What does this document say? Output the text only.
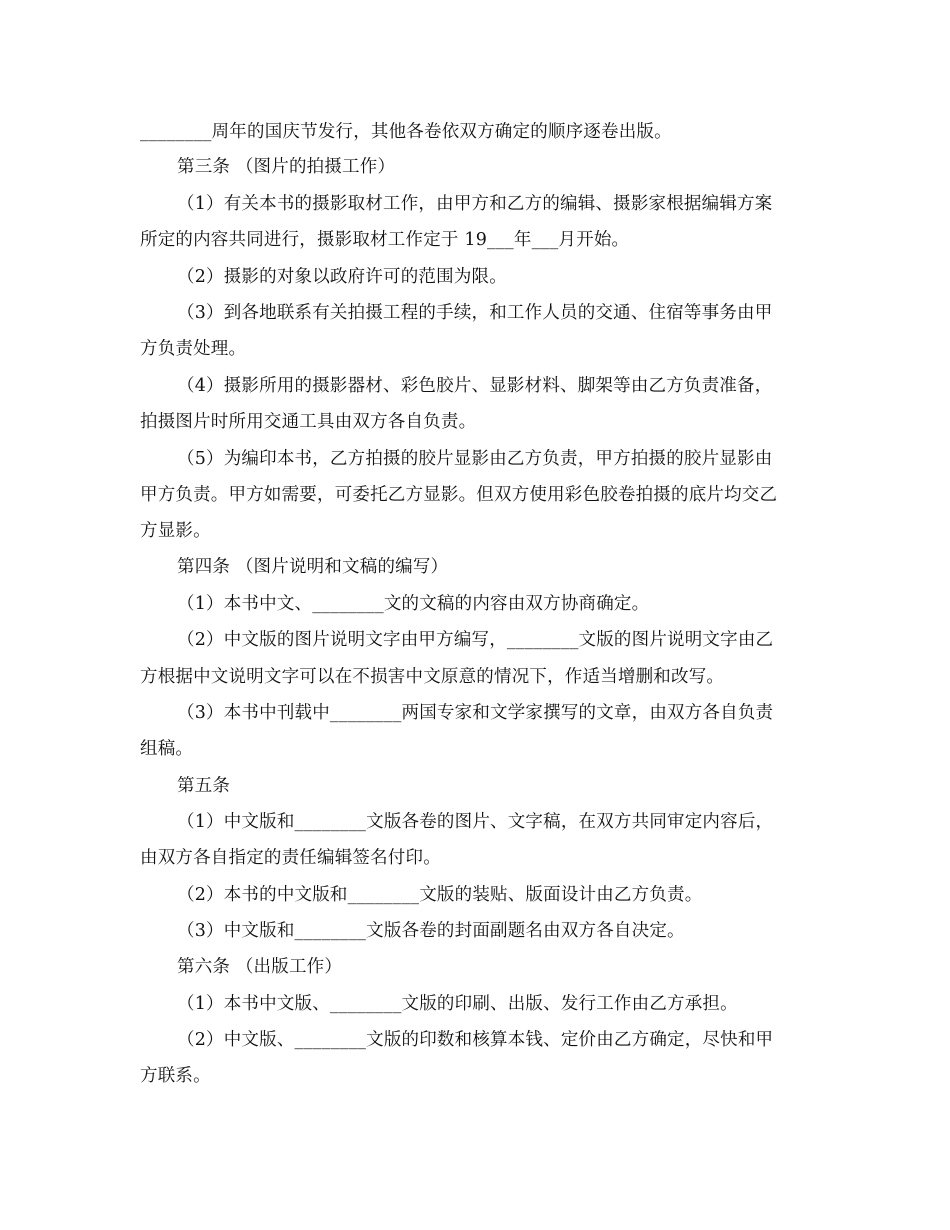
________周年的国庆节发行，其他各卷依双方确定的顺序逐卷出版。
第三条 （图片的拍摄工作）
（1）有关本书的摄影取材工作，由甲方和乙方的编辑、摄影家根据编辑方案
所定的内容共同进行，摄影取材工作定于 19___年___月开始。
（2）摄影的对象以政府许可的范围为限。
（3）到各地联系有关拍摄工程的手续，和工作人员的交通、住宿等事务由甲
方负责处理。
（4）摄影所用的摄影器材、彩色胶片、显影材料、脚架等由乙方负责准备，
拍摄图片时所用交通工具由双方各自负责。
（5）为编印本书，乙方拍摄的胶片显影由乙方负责，甲方拍摄的胶片显影由
甲方负责。甲方如需要，可委托乙方显影。但双方使用彩色胶卷拍摄的底片均交乙
方显影。
第四条 （图片说明和文稿的编写）
（1）本书中文、________文的文稿的内容由双方协商确定。
（2）中文版的图片说明文字由甲方编写，________文版的图片说明文字由乙
方根据中文说明文字可以在不损害中文原意的情况下，作适当增删和改写。
（3）本书中刊载中________两国专家和文学家撰写的文章，由双方各自负责
组稿。
第五条
（1）中文版和________文版各卷的图片、文字稿，在双方共同审定内容后，
由双方各自指定的责任编辑签名付印。
（2）本书的中文版和________文版的装贴、版面设计由乙方负责。
（3）中文版和________文版各卷的封面副题名由双方各自决定。
第六条 （出版工作）
（1）本书中文版、________文版的印刷、出版、发行工作由乙方承担。
（2）中文版、________文版的印数和核算本钱、定价由乙方确定，尽快和甲
方联系。
